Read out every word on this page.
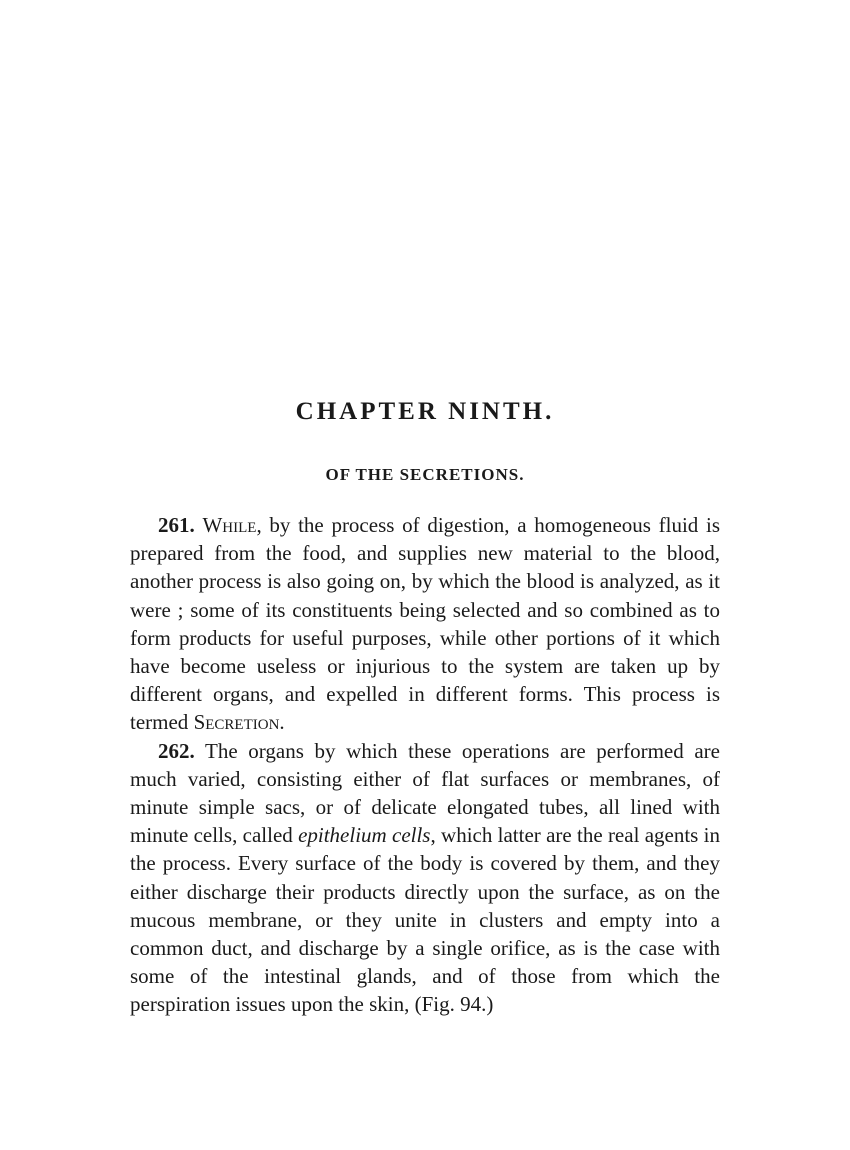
CHAPTER NINTH.
OF THE SECRETIONS.

261. While, by the process of digestion, a homogeneous fluid is prepared from the food, and supplies new material to the blood, another process is also going on, by which the blood is analyzed, as it were ; some of its constituents being selected and so combined as to form products for useful purposes, while other portions of it which have become useless or injurious to the system are taken up by different organs, and expelled in different forms. This process is termed Secretion.

262. The organs by which these operations are performed are much varied, consisting either of flat surfaces or membranes, of minute simple sacs, or of delicate elongated tubes, all lined with minute cells, called epithelium cells, which latter are the real agents in the process. Every surface of the body is covered by them, and they either discharge their products directly upon the surface, as on the mucous membrane, or they unite in clusters and empty into a common duct, and discharge by a single orifice, as is the case with some of the intestinal glands, and of those from which the perspiration issues upon the skin, (Fig. 94.)
